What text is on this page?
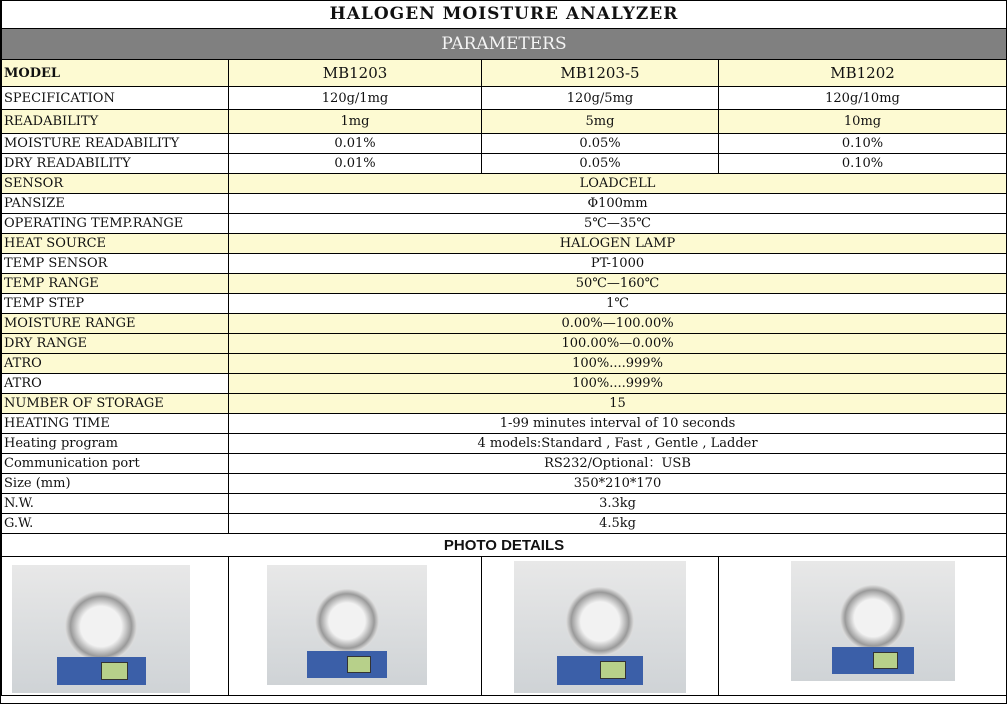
HALOGEN MOISTURE ANALYZER			
PARAMETERS			
MODEL	MB1203	MB1203-5	MB1202
SPECIFICATION	120g/1mg	120g/5mg	120g/10mg
READABILITY	1mg	5mg	10mg
MOISTURE READABILITY	0.01%	0.05%	0.10%
DRY READABILITY	0.01%	0.05%	0.10%
SENSOR	LOADCELL		
PANSIZE	Φ100mm		
OPERATING TEMP.RANGE	5℃—35℃		
HEAT SOURCE	HALOGEN LAMP		
TEMP SENSOR	PT-1000		
TEMP RANGE	50℃—160℃		
TEMP STEP	1℃		
MOISTURE RANGE	0.00%—100.00%		
DRY RANGE	100.00%—0.00%		
ATRO	100%....999%		
ATRO	100%....999%		
NUMBER OF STORAGE	15		
HEATING TIME	1-99 minutes interval of 10 seconds		
Heating program	4 models:Standard , Fast , Gentle , Ladder		
Communication port	RS232/Optional：USB		
Size (mm)	350*210*170		
N.W.	3.3kg		
G.W.	4.5kg		
PHOTO DETAILS			
